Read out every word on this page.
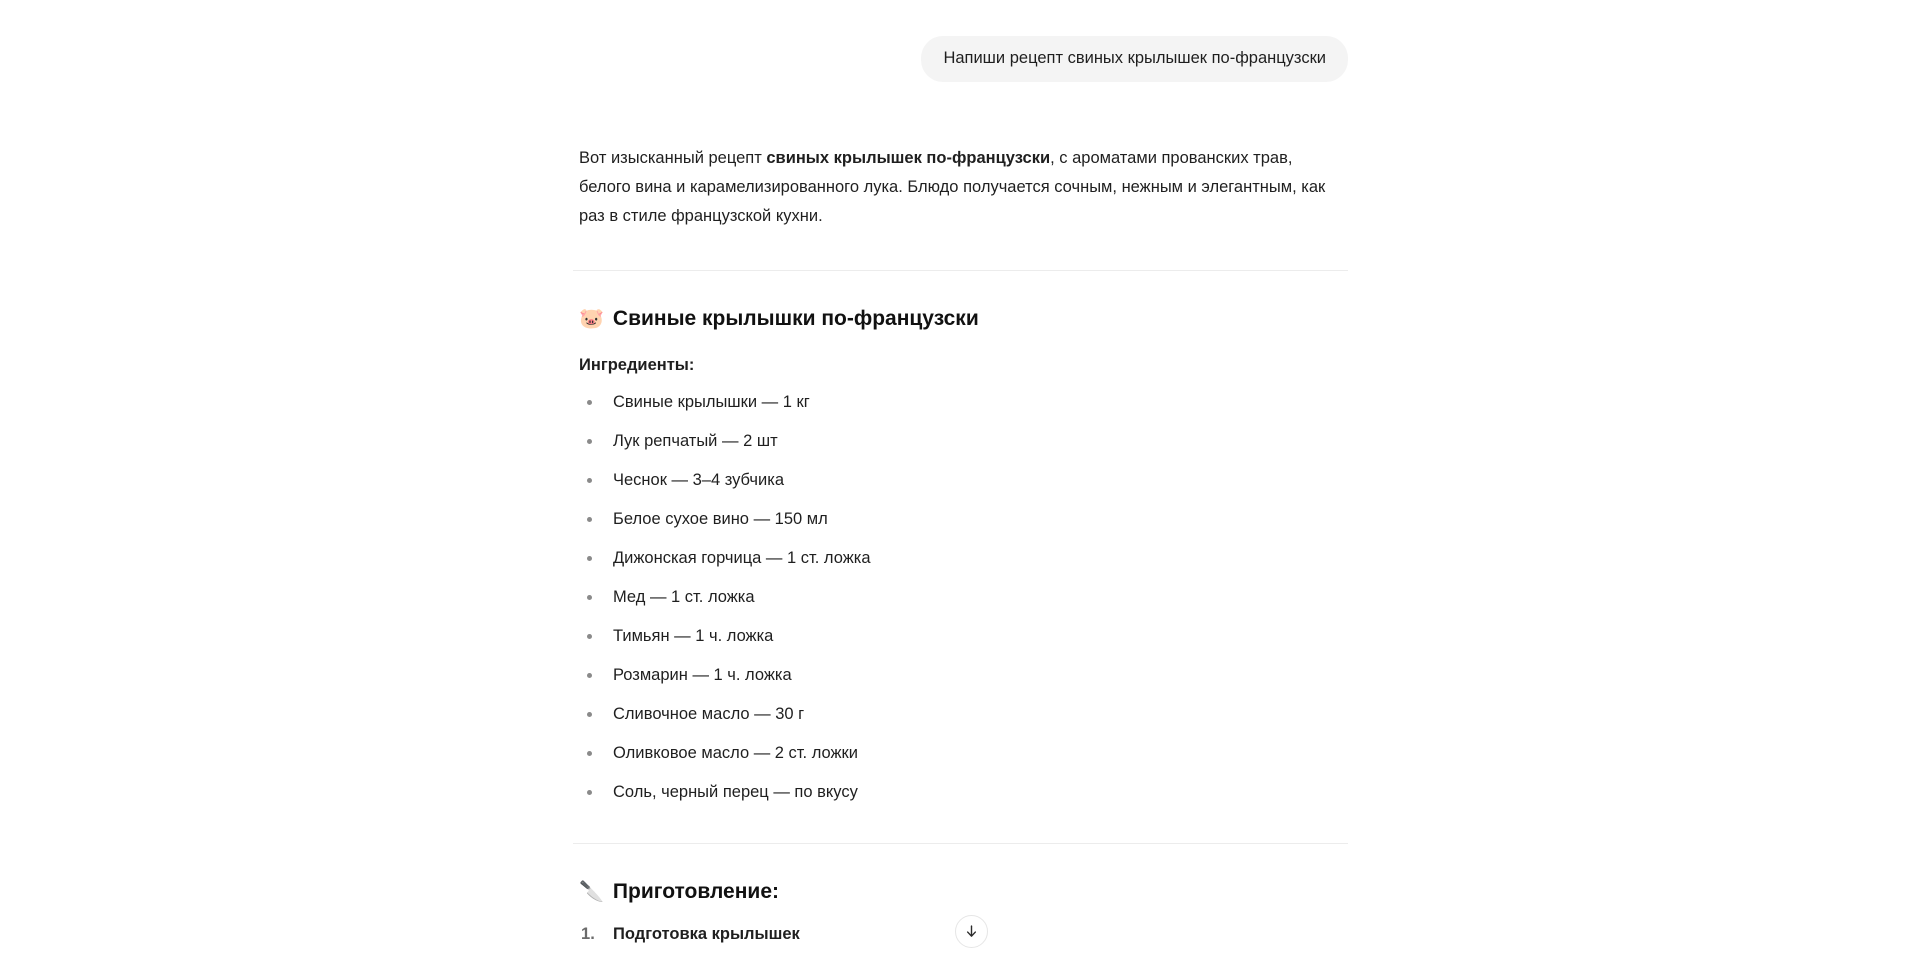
Напиши рецепт свиных крылышек по-французски

Вот изысканный рецепт свиных крылышек по-французски, с ароматами прованских трав, белого вина и карамелизированного лука. Блюдо получается сочным, нежным и элегантным, как раз в стиле французской кухни.

🐷 Свиные крылышки по-французски
Ингредиенты:
Свиные крылышки — 1 кг
Лук репчатый — 2 шт
Чеснок — 3–4 зубчика
Белое сухое вино — 150 мл
Дижонская горчица — 1 ст. ложка
Мед — 1 ст. ложка
Тимьян — 1 ч. ложка
Розмарин — 1 ч. ложка
Сливочное масло — 30 г
Оливковое масло — 2 ст. ложки
Соль, черный перец — по вкусу
🔪 Приготовление:
Подготовка крылышек
